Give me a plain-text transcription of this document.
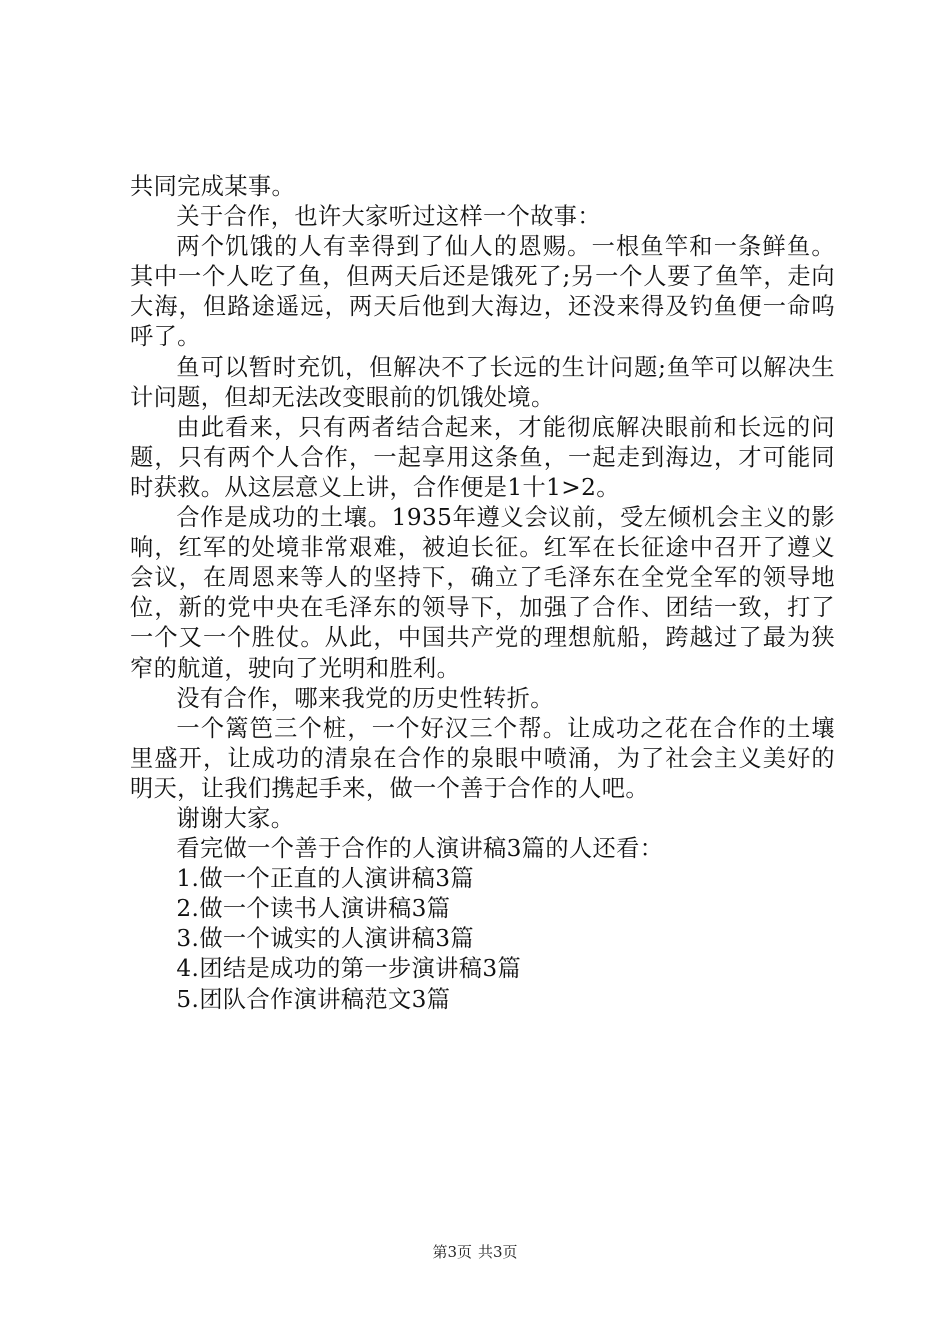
共同完成某事。

关于合作，也许大家听过这样一个故事：

两个饥饿的人有幸得到了仙人的恩赐。一根鱼竿和一条鲜鱼。其中一个人吃了鱼，但两天后还是饿死了;另一个人要了鱼竿，走向大海，但路途遥远，两天后他到大海边，还没来得及钓鱼便一命呜呼了。

鱼可以暂时充饥，但解决不了长远的生计问题;鱼竿可以解决生计问题，但却无法改变眼前的饥饿处境。

由此看来，只有两者结合起来，才能彻底解决眼前和长远的问题，只有两个人合作，一起享用这条鱼，一起走到海边，才可能同时获救。从这层意义上讲，合作便是1十1>2。

合作是成功的土壤。1935年遵义会议前，受左倾机会主义的影响，红军的处境非常艰难，被迫长征。红军在长征途中召开了遵义会议，在周恩来等人的坚持下，确立了毛泽东在全党全军的领导地位，新的党中央在毛泽东的领导下，加强了合作、团结一致，打了一个又一个胜仗。从此，中国共产党的理想航船，跨越过了最为狭窄的航道，驶向了光明和胜利。

没有合作，哪来我党的历史性转折。

一个篱笆三个桩，一个好汉三个帮。让成功之花在合作的土壤里盛开，让成功的清泉在合作的泉眼中喷涌，为了社会主义美好的明天，让我们携起手来，做一个善于合作的人吧。

谢谢大家。

看完做一个善于合作的人演讲稿3篇的人还看：

1.做一个正直的人演讲稿3篇

2.做一个读书人演讲稿3篇

3.做一个诚实的人演讲稿3篇

4.团结是成功的第一步演讲稿3篇

5.团队合作演讲稿范文3篇

第3页 共3页
